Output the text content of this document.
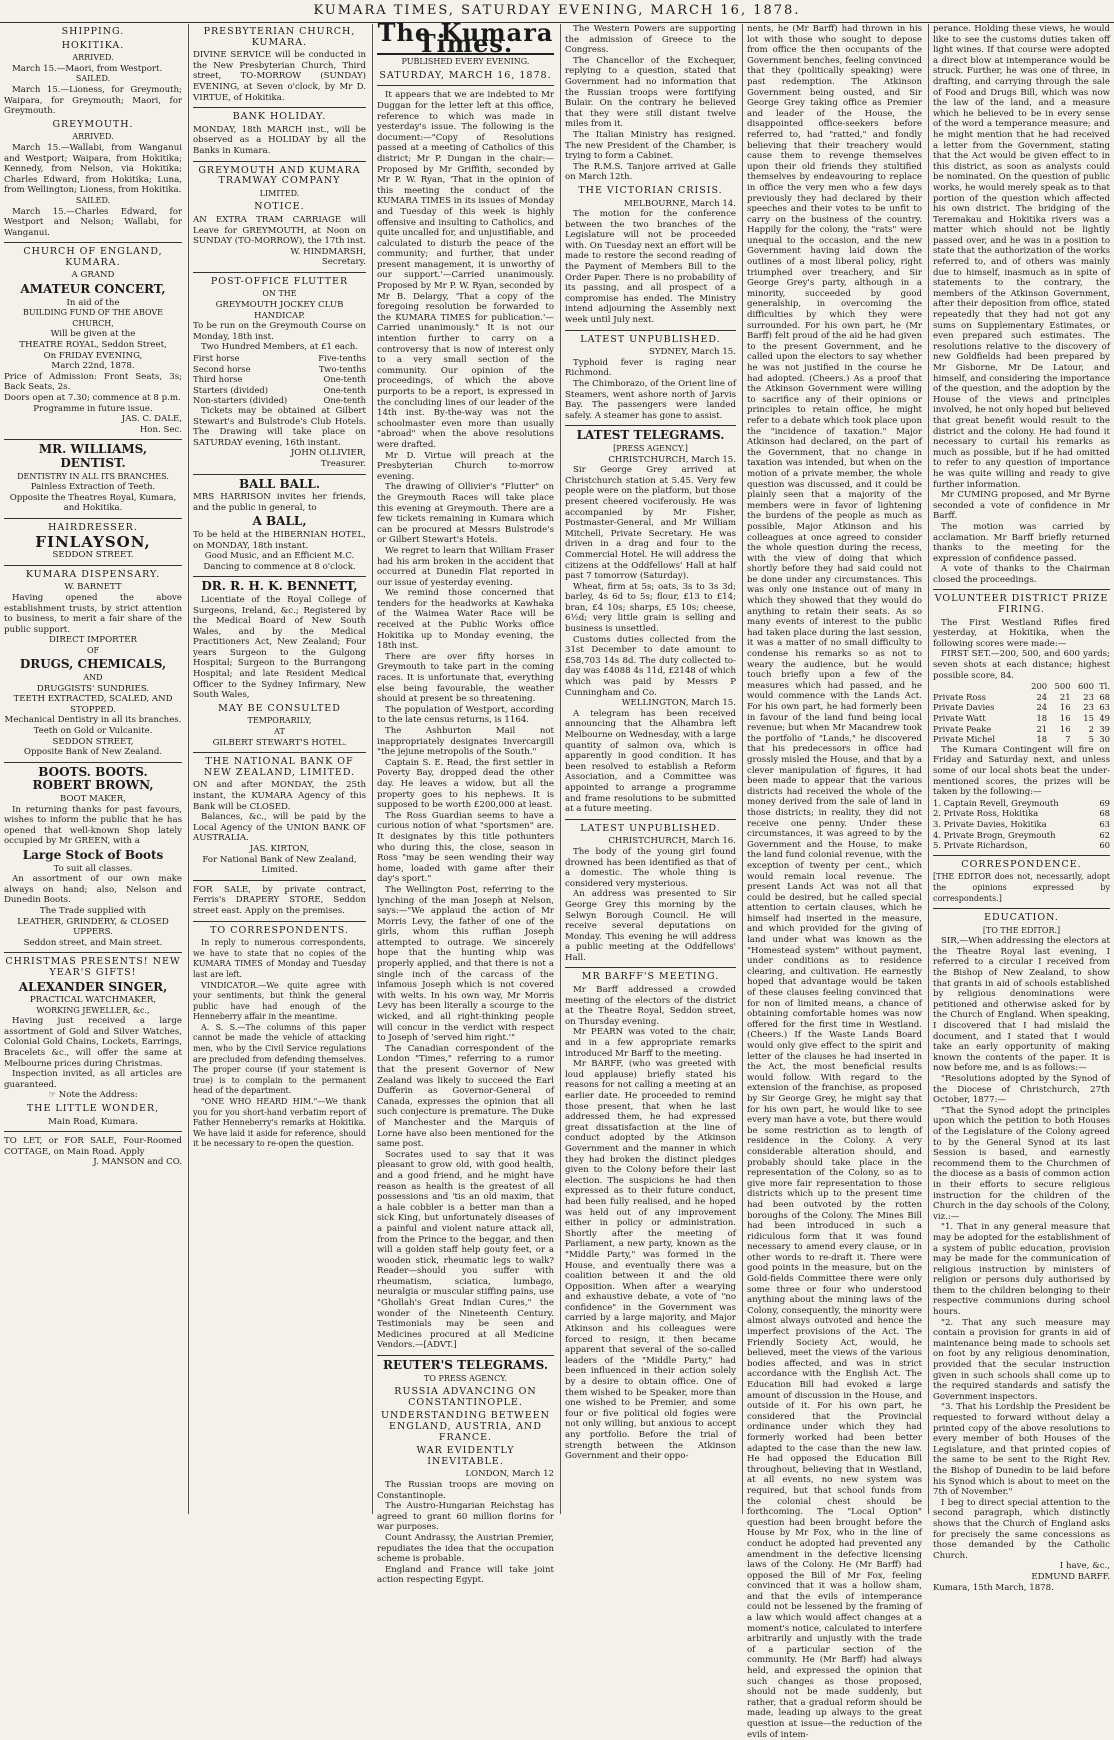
KUMARA TIMES, SATURDAY EVENING, MARCH 16, 1878.
SHIPPING.
HOKITIKA.
ARRIVED.

March 15.—Maori, from Westport.

SAILED.

March 15.—Lioness, for Greymouth; Waipara, for Greymouth; Maori, for Greymouth.

GREYMOUTH.
ARRIVED.

March 15.—Wallabi, from Wanganui and Westport; Waipara, from Hokitika; Kennedy, from Nelson, via Hokitika; Charles Edward, from Hokitika; Luna, from Wellington; Lioness, from Hokitika.

SAILED.

March 15.—Charles Edward, for Westport and Nelson; Wallabi, for Wanganui.

CHURCH OF ENGLAND, KUMARA.
A GRAND
AMATEUR CONCERT,
In aid of the
BUILDING FUND OF THE ABOVE CHURCH,
Will be given at the
THEATRE ROYAL, Seddon Street,
On FRIDAY EVENING,
March 22nd, 1878.

Price of Admission: Front Seats, 3s; Back Seats, 2s.

Doors open at 7.30; commence at 8 p.m.

Programme in future issue.
JAS. C. DALE,
Hon. Sec.
MR. WILLIAMS,
DENTIST.
DENTISTRY IN ALL ITS BRANCHES.
Painless Extraction of Teeth.
Opposite the Theatres Royal, Kumara, and Hokitika.
HAIRDRESSER.
FINLAYSON,
SEDDON STREET.
KUMARA DISPENSARY.
W. BARNETT

Having opened the above establishment trusts, by strict attention to business, to merit a fair share of the public support.

DIRECT IMPORTER
OF
DRUGS, CHEMICALS,
AND
DRUGGISTS' SUNDRIES.
TEETH EXTRACTED, SCALED, AND STOPPED.
Mechanical Dentistry in all its branches. Teeth on Gold or Vulcanite.
SEDDON STREET,
Opposite Bank of New Zealand.
BOOTS. BOOTS.
ROBERT BROWN,
BOOT MAKER,

In returning thanks for past favours, wishes to inform the public that he has opened that well-known Shop lately occupied by Mr GREEN, with a

Large Stock of Boots
To suit all classes.

An assortment of our own make always on hand; also, Nelson and Dunedin Boots.

The Trade supplied with
LEATHER, GRINDERY, & CLOSED UPPERS.
Seddon street, and Main street.
CHRISTMAS PRESENTS! NEW YEAR'S GIFTS!
ALEXANDER SINGER,
PRACTICAL WATCHMAKER,
WORKING JEWELLER, &c.,

Having just received a large assortment of Gold and Silver Watches, Colonial Gold Chains, Lockets, Earrings, Bracelets &c., will offer the same at Melbourne prices during Christmas.

Inspection invited, as all articles are guaranteed.

☞ Note the Address:
THE LITTLE WONDER,
Main Road, Kumara.

TO LET, or FOR SALE, Four-Roomed COTTAGE, on Main Road. Apply

J. MANSON and CO.
PRESBYTERIAN CHURCH, KUMARA.

DIVINE SERVICE will be conducted in the New Presbyterian Church, Third street, TO-MORROW (SUNDAY) EVENING, at Seven o'clock, by Mr D. VIRTUE, of Hokitika.

BANK HOLIDAY.

MONDAY, 18th MARCH inst., will be observed as a HOLIDAY by all the Banks in Kumara.

GREYMOUTH AND KUMARA TRAMWAY COMPANY
LIMITED.
NOTICE.

AN EXTRA TRAM CARRIAGE will Leave for GREYMOUTH, at Noon on SUNDAY (TO-MORROW), the 17th inst.

W. HINDMARSH,
Secretary.
POST-OFFICE FLUTTER
ON THE
GREYMOUTH JOCKEY CLUB HANDICAP.

To be run on the Greymouth Course on Monday, 18th inst.

Two Hundred Members, at £1 each.
First horse	Five-tenths
Second horse	Two-tenths
Third horse	One-tenth
Starters (divided)	One-tenth
Non-starters (divided)	One-tenth

Tickets may be obtained at Gilbert Stewart's and Bulstrode's Club Hotels. The Drawing will take place on SATURDAY evening, 16th instant.

JOHN OLLIVIER,
Treasurer.
BALL BALL.

MRS HARRISON invites her friends, and the public in general, to

A BALL,

To be held at the HIBERNIAN HOTEL, on MONDAY, 18th instant.

Good Music, and an Efficient M.C.
Dancing to commence at 8 o'clock.
DR. R. H. K. BENNETT,

Licentiate of the Royal College of Surgeons, Ireland, &c.; Registered by the Medical Board of New South Wales, and by the Medical Practitioners Act, New Zealand; Four years Surgeon to the Gulgong Hospital; Surgeon to the Burrangong Hospital; and late Resident Medical Officer to the Sydney Infirmary, New South Wales,

MAY BE CONSULTED
TEMPORARILY,
AT
GILBERT STEWART'S HOTEL.
THE NATIONAL BANK OF NEW ZEALAND, LIMITED.

ON and after MONDAY, the 25th instant, the KUMARA Agency of this Bank will be CLOSED.

Balances, &c., will be paid by the Local Agency of the UNION BANK OF AUSTRALIA.

JAS. KIRTON,
For National Bank of New Zealand, Limited.

FOR SALE, by private contract, Ferris's DRAPERY STORE, Seddon street east. Apply on the premises.

TO CORRESPONDENTS.

In reply to numerous correspondents, we have to state that no copies of the KUMARA TIMES of Monday and Tuesday last are left.

VINDICATOR.—We quite agree with your sentiments, but think the general public have had enough of the Henneberry affair in the meantime.

A. S. S.—The columns of this paper cannot be made the vehicle of attacking men, who by the Civil Service regulations are precluded from defending themselves. The proper course (if your statement is true) is to complain to the permanent head of the department.

"ONE WHO HEARD HIM."—We thank you for you short-hand verbatim report of Father Henneberry's remarks at Hokitika. We have laid it aside for reference, should it be necessary to re-open the question.

The Kumara Times.
PUBLISHED EVERY EVENING.
SATURDAY, MARCH 16, 1878.

It appears that we are indebted to Mr Duggan for the letter left at this office, reference to which was made in yesterday's issue. The following is the document:—"Copy of Resolutions passed at a meeting of Catholics of this district; Mr P. Dungan in the chair:—Proposed by Mr Griffith, seconded by Mr P. W. Ryan, 'That in the opinion of this meeting the conduct of the KUMARA TIMES in its issues of Monday and Tuesday of this week is highly offensive and insulting to Catholics, and quite uncalled for, and unjustifiable, and calculated to disturb the peace of the community; and further, that under present management, it is unworthy of our support.'—Carried unanimously. Proposed by Mr P. W. Ryan, seconded by Mr B. Delargy, 'That a copy of the foregoing resolution be forwarded to the KUMARA TIMES for publication.'—Carried unanimously." It is not our intention further to carry on a controversy that is now of interest only to a very small section of the community. Our opinion of the proceedings, of which the above purports to be a report, is expressed in the concluding lines of our leader of the 14th inst. By-the-way was not the schoolmaster even more than usually "abroad" when the above resolutions were drafted.

Mr D. Virtue will preach at the Presbyterian Church to-morrow evening.

The drawing of Ollivier's "Flutter" on the Greymouth Races will take place this evening at Greymouth. There are a few tickets remaining in Kumara which can be procured at Messrs Bulstrode's or Gilbert Stewart's Hotels.

We regret to learn that William Fraser had his arm broken in the accident that occurred at Dunedin Flat reported in our issue of yesterday evening.

We remind those concerned that tenders for the headworks at Kawhaka of the Waimea Water Race will be received at the Public Works office Hokitika up to Monday evening, the 18th inst.

There are over fifty horses in Greymouth to take part in the coming races. It is unfortunate that, everything else being favourable, the weather should at present be so threatening.

The population of Westport, according to the late census returns, is 1164.

The Ashburton Mail not inappropriately designates Invercargill "the jejune metropolis of the South."

Captain S. E. Read, the first settler in Poverty Bay, dropped dead the other day. He leaves a widow, but all the property goes to his nephews. It is supposed to be worth £200,000 at least.

The Ross Guardian seems to have a curious notion of what "sportsmen" are. It designates by this title pothunters who during this, the close, season in Ross "may be seen wending their way home, loaded with game after their day's sport."

The Wellington Post, referring to the lynching of the man Joseph at Nelson, says:—"We applaud the action of Mr Morris Levy, the father of one of the girls, whom this ruffian Joseph attempted to outrage. We sincerely hope that the hunting whip was properly applied, and that there is not a single inch of the carcass of the infamous Joseph which is not covered with welts. In his own way, Mr Morris Levy has been literally a scourge to the wicked, and all right-thinking people will concur in the verdict with respect to Joseph of 'served him right.'"

The Canadian correspondent of the London "Times," referring to a rumor that the present Governor of New Zealand was likely to succeed the Earl Dufferin as Governor-General of Canada, expresses the opinion that all such conjecture is premature. The Duke of Manchester and the Marquis of Lorne have also been mentioned for the same post.

Socrates used to say that it was pleasant to grow old, with good health, and a good friend, and he might have reason as health is the greatest of all possessions and 'tis an old maxim, that a hale cobbler is a better man than a sick King, but unfortunately diseases of a painful and violent nature attack all, from the Prince to the beggar, and then will a golden staff help gouty feet, or a wooden stick, rheumatic legs to walk? Reader—should you suffer with rheumatism, sciatica, lumbago, neuralgia or muscular stiffing pains, use "Ghollah's Great Indian Cures," the wonder of the Nineteenth Century. Testimonials may be seen and Medicines procured at all Medicine Vendors.—[ADVT.]

REUTER'S TELEGRAMS.
TO PRESS AGENCY.
RUSSIA ADVANCING ON CONSTANTINOPLE.
UNDERSTANDING BETWEEN ENGLAND, AUSTRIA, AND FRANCE.
WAR EVIDENTLY INEVITABLE.
LONDON, March 12

The Russian troops are moving on Constantinople.

The Austro-Hungarian Reichstag has agreed to grant 60 million florins for war purposes.

Count Andrassy, the Austrian Premier, repudiates the idea that the occupation scheme is probable.

England and France will take joint action respecting Egypt.

The Western Powers are supporting the admission of Greece to the Congress.

The Chancellor of the Exchequer, replying to a question, stated that Government had no information that the Russian troops were fortifying Bulair. On the contrary he believed that they were still distant twelve miles from it.

The Italian Ministry has resigned. The new President of the Chamber, is trying to form a Cabinet.

The R.M.S. Tanjore arrived at Galle on March 12th.

THE VICTORIAN CRISIS.
MELBOURNE, March 14.

The motion for the conference between the two branches of the Legislature will not be proceeded with. On Tuesday next an effort will be made to restore the second reading of the Payment of Members Bill to the Order Paper. There is no probability of its passing, and all prospect of a compromise has ended. The Ministry intend adjourning the Assembly next week until July next.

LATEST UNPUBLISHED.
SYDNEY, March 15.

Typhoid fever is raging near Richmond.

The Chimborazo, of the Orient line of Steamers, went ashore north of Jarvis Bay. The passengers were landed safely. A steamer has gone to assist.

LATEST TELEGRAMS.
[PRESS AGENCY.]
CHRISTCHURCH, March 15.

Sir George Grey arrived at Christchurch station at 5.45. Very few people were on the platform, but those present cheered vociferously. He was accompanied by Mr Fisher, Postmaster-General, and Mr William Mitchell, Private Secretary. He was driven in a drag and four to the Commercial Hotel. He will address the citizens at the Oddfellows' Hall at half past 7 tomorrow (Saturday).

Wheat, firm at 5s; oats, 3s to 3s 3d; barley, 4s 6d to 5s; flour, £13 to £14; bran, £4 10s; sharps, £5 10s; cheese, 6½d; very little grain is selling and business is unsettled.

Customs duties collected from the 31st December to date amount to £58,703 14s 8d. The duty collected to-day was £4088 4s 11d, £2148 of which which was paid by Messrs P Cunningham and Co.

WELLINGTON, March 15.

A telegram has been received announcing that the Alhambra left Melbourne on Wednesday, with a large quantity of salmon ova, which is apparently in good condition. It has been resolved to establish a Reform Association, and a Committee was appointed to arrange a programme and frame resolutions to be submitted at a future meeting.

LATEST UNPUBLISHED.
CHRISTCHURCH, March 16.

The body of the young girl found drowned has been identified as that of a domestic. The whole thing is considered very mysterious.

An address was presented to Sir George Grey this morning by the Selwyn Borough Council. He will receive several deputations on Monday. This evening he will address a public meeting at the Oddfellows' Hall.

MR BARFF'S MEETING.

Mr Barff addressed a crowded meeting of the electors of the district at the Theatre Royal, Seddon street, on Thursday evening.

Mr PEARN was voted to the chair, and in a few appropriate remarks introduced Mr Barff to the meeting.

Mr BARFF, (who was greeted with loud applause) briefly stated his reasons for not calling a meeting at an earlier date. He proceeded to remind those present, that when he last addressed them, he had expressed great dissatisfaction at the line of conduct adopted by the Atkinson Government and the manner in which they had broken the distinct pledges given to the Colony before their last election. The suspicions he had then expressed as to their future conduct, had been fully realised, and he hoped was held out of any improvement either in policy or administration. Shortly after the meeting of Parliament, a new party, known as the "Middle Party," was formed in the House, and eventually there was a coalition between it and the old Opposition. When after a wearying and exhaustive debate, a vote of "no confidence" in the Government was carried by a large majority, and Major Atkinson and his colleagues were forced to resign, it then became apparent that several of the so-called leaders of the "Middle Party," had been influenced in their action solely by a desire to obtain office. One of them wished to be Speaker, more than one wished to be Premier, and some four or five political old fogies were not only willing, but anxious to accept any portfolio. Before the trial of strength between the Atkinson Government and their oppo-

nents, he (Mr Barff) had thrown in his lot with those who sought to depose from office the then occupants of the Government benches, feeling convinced that they (politically speaking) were past redemption. The Atkinson Government being ousted, and Sir George Grey taking office as Premier and leader of the House, the disappointed office-seekers before referred to, had "ratted," and fondly believing that their treachery would cause them to revenge themselves upon their old friends they stultified themselves by endeavouring to replace in office the very men who a few days previously they had declared by their speeches and their votes to be unfit to carry on the business of the country. Happily for the colony, the "rats" were unequal to the occasion, and the new Government having laid down the outlines of a most liberal policy, right triumphed over treachery, and Sir George Grey's party, although in a minority, succeeded by good generalship, in overcoming the difficulties by which they were surrounded. For his own part, he (Mr Barff) felt proud of the aid he had given to the present Government, and he called upon the electors to say whether he was not justified in the course he had adopted. (Cheers.) As a proof that the Atkinson Government were willing to sacrifice any of their opinions or principles to retain office, he might refer to a debate which took place upon the "incidence of taxation." Major Atkinson had declared, on the part of the Government, that no change in taxation was intended, but when on the motion of a private member, the whole question was discussed, and it could be plainly seen that a majority of the members were in favor of lightening the burdens of the people as much as possible, Major Atkinson and his colleagues at once agreed to consider the whole question during the recess, with the view of doing that which shortly before they had said could not be done under any circumstances. This was only one instance out of many in which they showed that they would do anything to retain their seats. As so many events of interest to the public had taken place during the last session, it was a matter of no small difficulty to condense his remarks so as not to weary the audience, but he would touch briefly upon a few of the measures which had passed, and he would commence with the Lands Act. For his own part, he had formerly been in favour of the land fund being local revenue; but when Mr Macandrew took the portfolio of "Lands," he discovered that his predecessors in office had grossly misled the House, and that by a clever manipulation of figures, it had been made to appear that the various districts had received the whole of the money derived from the sale of land in those districts; in reality, they did not receive one penny. Under these circumstances, it was agreed to by the Government and the House, to make the land fund colonial revenue, with the exception of twenty per cent., which would remain local revenue. The present Lands Act was not all that could be desired, but he called special attention to certain clauses, which he himself had inserted in the measure, and which provided for the giving of land under what was known as the "Homestead system" without payment, under conditions as to residence clearing, and cultivation. He earnestly hoped that advantage would be taken of these clauses feeling convinced that for non of limited means, a chance of obtaining comfortable homes was now offered for the first time in Westland. (Cheers.) If the Waste Lands Board would only give effect to the spirit and letter of the clauses he had inserted in the Act, the most beneficial results would follow. With regard to the extension of the franchise, as proposed by Sir George Grey, he might say that for his own part, he would like to see every man have a vote, but there would be some restriction as to length of residence in the Colony. A very considerable alteration should, and probably should take place in the representation of the Colony, so as to give more fair representation to those districts which up to the present time had been outvoted by the rotten boroughs of the Colony. The Mines Bill had been introduced in such a ridiculous form that it was found necessary to amend every clause, or in other words to re-draft it. There were good points in the measure, but on the Gold-fields Committee there were only some three or four who understood anything about the mining laws of the Colony, consequently, the minority were almost always outvoted and hence the imperfect provisions of the Act. The Friendly Society Act, would, he believed, meet the views of the various bodies affected, and was in strict accordance with the English Act. The Education Bill had evoked a large amount of discussion in the House, and outside of it. For his own part, he considered that the Provincial ordinance under which they had formerly worked had been better adapted to the case than the new law. He had opposed the Education Bill throughout, believing that in Westland, at all events, no new system was required, but that school funds from the colonial chest should be forthcoming. The "Local Option" question had been brought before the House by Mr Fox, who in the line of conduct he adopted had prevented any amendment in the defective licensing laws of the Colony. He (Mr Barff) had opposed the Bill of Mr Fox, feeling convinced that it was a hollow sham, and that the evils of intemperance could not be lessened by the framing of a law which would affect changes at a moment's notice, calculated to interfere arbitrarily and unjustly with the trade of a particular section of the community. He (Mr Barff) had always held, and expressed the opinion that such changes as those proposed, should not be made suddenly, but rather, that a gradual reform should be made, leading up always to the great question at issue—the reduction of the evils of intem-

perance. Holding these views, he would like to see the customs duties taken off light wines. If that course were adopted a direct blow at intemperance would be struck. Further, he was one of three, in drafting, and carrying through the sale of Food and Drugs Bill, which was now the law of the land, and a measure which he believed to be in every sense of the word a temperance measure; and he might mention that he had received a letter from the Government, stating that the Act would be given effect to in this district, as soon as analysts could be nominated. On the question of public works, he would merely speak as to that portion of the question which affected his own district. The bridging of the Teremakau and Hokitika rivers was a matter which should not be lightly passed over, and he was in a position to state that the authorization of the works referred to, and of others was mainly due to himself, inasmuch as in spite of statements to the contrary, the members of the Atkinson Government, after their deposition from office, stated repeatedly that they had not got any sums on Supplementary Estimates, or even prepared such estimates. The resolutions relative to the discovery of new Goldfields had been prepared by Mr Gisborne, Mr De Latour, and himself, and considering the importance of the question, and the adoption by the House of the views and principles involved, he not only hoped but believed that great benefit would result to the district and the colony. He had found it necessary to curtail his remarks as much as possible, but if he had omitted to refer to any question of importance he was quite willing and ready to give further information.

Mr CUMING proposed, and Mr Byrne seconded a vote of confidence in Mr Barff.

The motion was carried by acclamation. Mr Barff briefly returned thanks to the meeting for the expression of confidence passed.

A vote of thanks to the Chairman closed the proceedings.

VOLUNTEER DISTRICT PRIZE FIRING.

The First Westland Rifles fired yesterday, at Hokitika, when the following scores were made:—

FIRST SET.—200, 500, and 600 yards; seven shots at each distance; highest possible score, 84.

	200	500	600	Tl.
Private Ross	24	21	23	68
Private Davies	24	16	23	63
Private Watt	18	16	15	49
Private Peake	21	16	2	39
Private Michel	18	7	5	30

The Kumara Contingent will fire on Friday and Saturday next, and unless some of our local shots beat the under-mentioned scores, the prizes will be taken by the following:—

1. Captain Revell, Greymouth	69
2. Private Ross, Hokitika	68
3. Private Davies, Hokitika	63
4. Private Brogn, Greymouth	62
5. Private Richardson,	60
CORRESPONDENCE.

[THE EDITOR does not, necessarily, adopt the opinions expressed by correspondents.]

EDUCATION.
[TO THE EDITOR.]

SIR,—When addressing the electors at the Theatre Royal last evening, I referred to a circular I received from the Bishop of New Zealand, to show that grants in aid of schools established by religious denominations were petitioned and otherwise asked for by the Church of England. When speaking, I discovered that I had mislaid the document, and I stated that I would take an early opportunity of making known the contents of the paper. It is now before me, and is as follows:—

"Resolutions adopted by the Synod of the Diocese of Christchurch, 27th October, 1877:—

"That the Synod adopt the principles upon which the petition to both Houses of the Legislature of the Colony agreed to by the General Synod at its last Session is based, and earnestly recommend them to the Churchmen of the diocese as a basis of common action in their efforts to secure religious instruction for the children of the Church in the day schools of the Colony, viz.:—

"1. That in any general measure that may be adopted for the establishment of a system of public education, provision may be made for the communication of religious instruction by ministers of religion or persons duly authorised by them to the children belonging to their respective communions during school hours.

"2. That any such measure may contain a provision for grants in aid of maintenance being made to schools set on foot by any religious denomination, provided that the secular instruction given in such schools shall come up to the required standards and satisfy the Government inspectors.

"3. That his Lordship the President be requested to forward without delay a printed copy of the above resolutions to every member of both Houses of the Legislature, and that printed copies of the same to be sent to the Right Rev. the Bishop of Dunedin to be laid before his Synod which is about to meet on the 7th of November."

I beg to direct special attention to the second paragraph, which distinctly shows that the Church of England asks for precisely the same concessions as those demanded by the Catholic Church.

I have, &c.,
EDMUND BARFF.

Kumara, 15th March, 1878.
